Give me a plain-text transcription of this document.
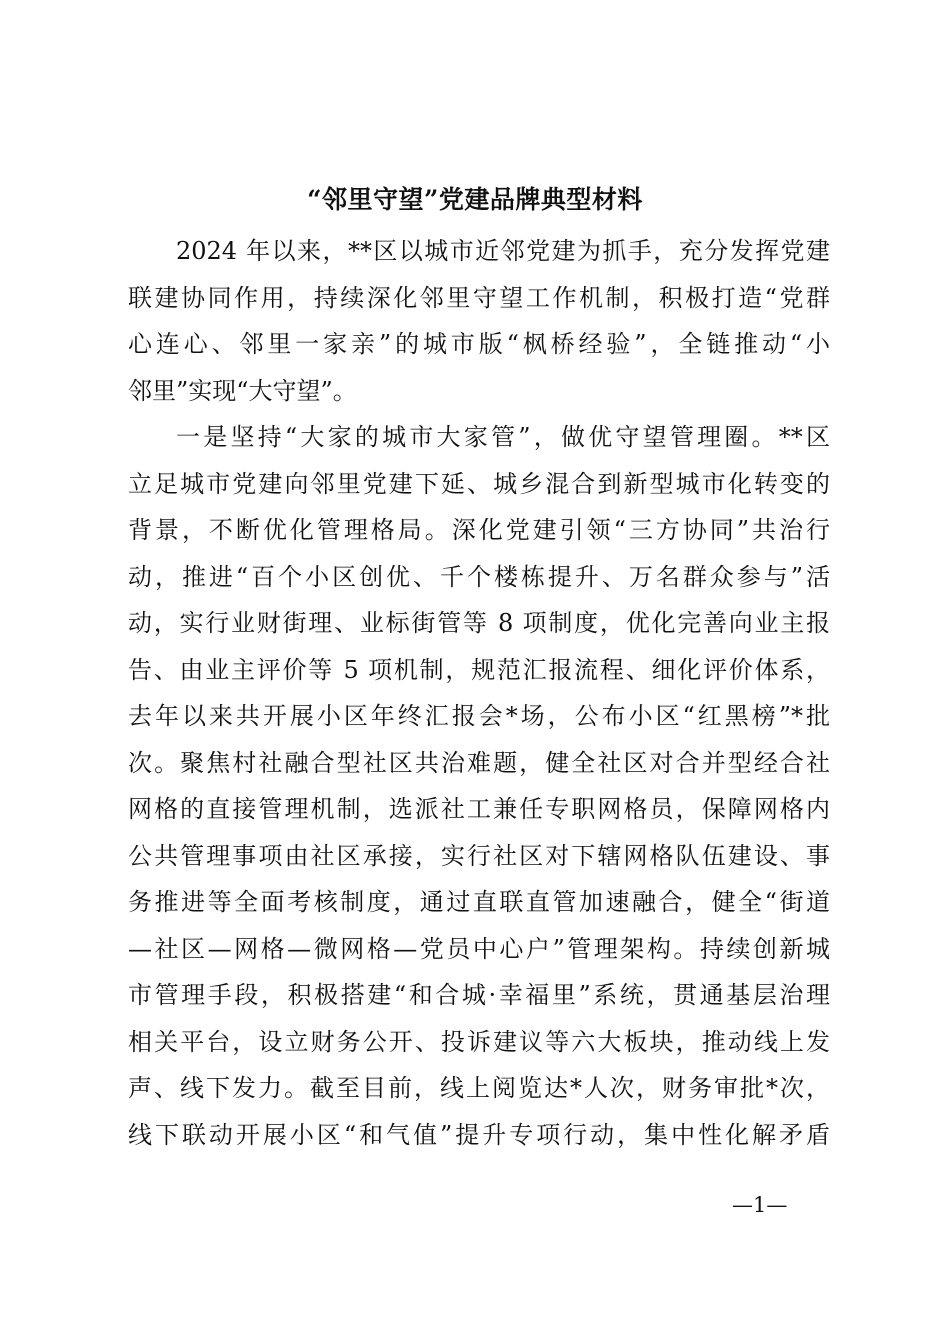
“邻里守望”党建品牌典型材料
2024 年以来，**区以城市近邻党建为抓手，充分发挥党建
联建协同作用，持续深化邻里守望工作机制，积极打造“党群
心连心、邻里一家亲”的城市版“枫桥经验”，全链推动“小
邻里”实现“大守望”。
一是坚持“大家的城市大家管”，做优守望管理圈。**区
立足城市党建向邻里党建下延、城乡混合到新型城市化转变的
背景，不断优化管理格局。深化党建引领“三方协同”共治行
动，推进“百个小区创优、千个楼栋提升、万名群众参与”活
动，实行业财街理、业标街管等 8 项制度，优化完善向业主报
告、由业主评价等 5 项机制，规范汇报流程、细化评价体系，
去年以来共开展小区年终汇报会*场，公布小区“红黑榜”*批
次。聚焦村社融合型社区共治难题，健全社区对合并型经合社
网格的直接管理机制，选派社工兼任专职网格员，保障网格内
公共管理事项由社区承接，实行社区对下辖网格队伍建设、事
务推进等全面考核制度，通过直联直管加速融合，健全“街道
—社区—网格—微网格—党员中心户”管理架构。持续创新城
市管理手段，积极搭建“和合城·幸福里”系统，贯通基层治理
相关平台，设立财务公开、投诉建议等六大板块，推动线上发
声、线下发力。截至目前，线上阅览达*人次，财务审批*次，
线下联动开展小区“和气值”提升专项行动，集中性化解矛盾
—1—
